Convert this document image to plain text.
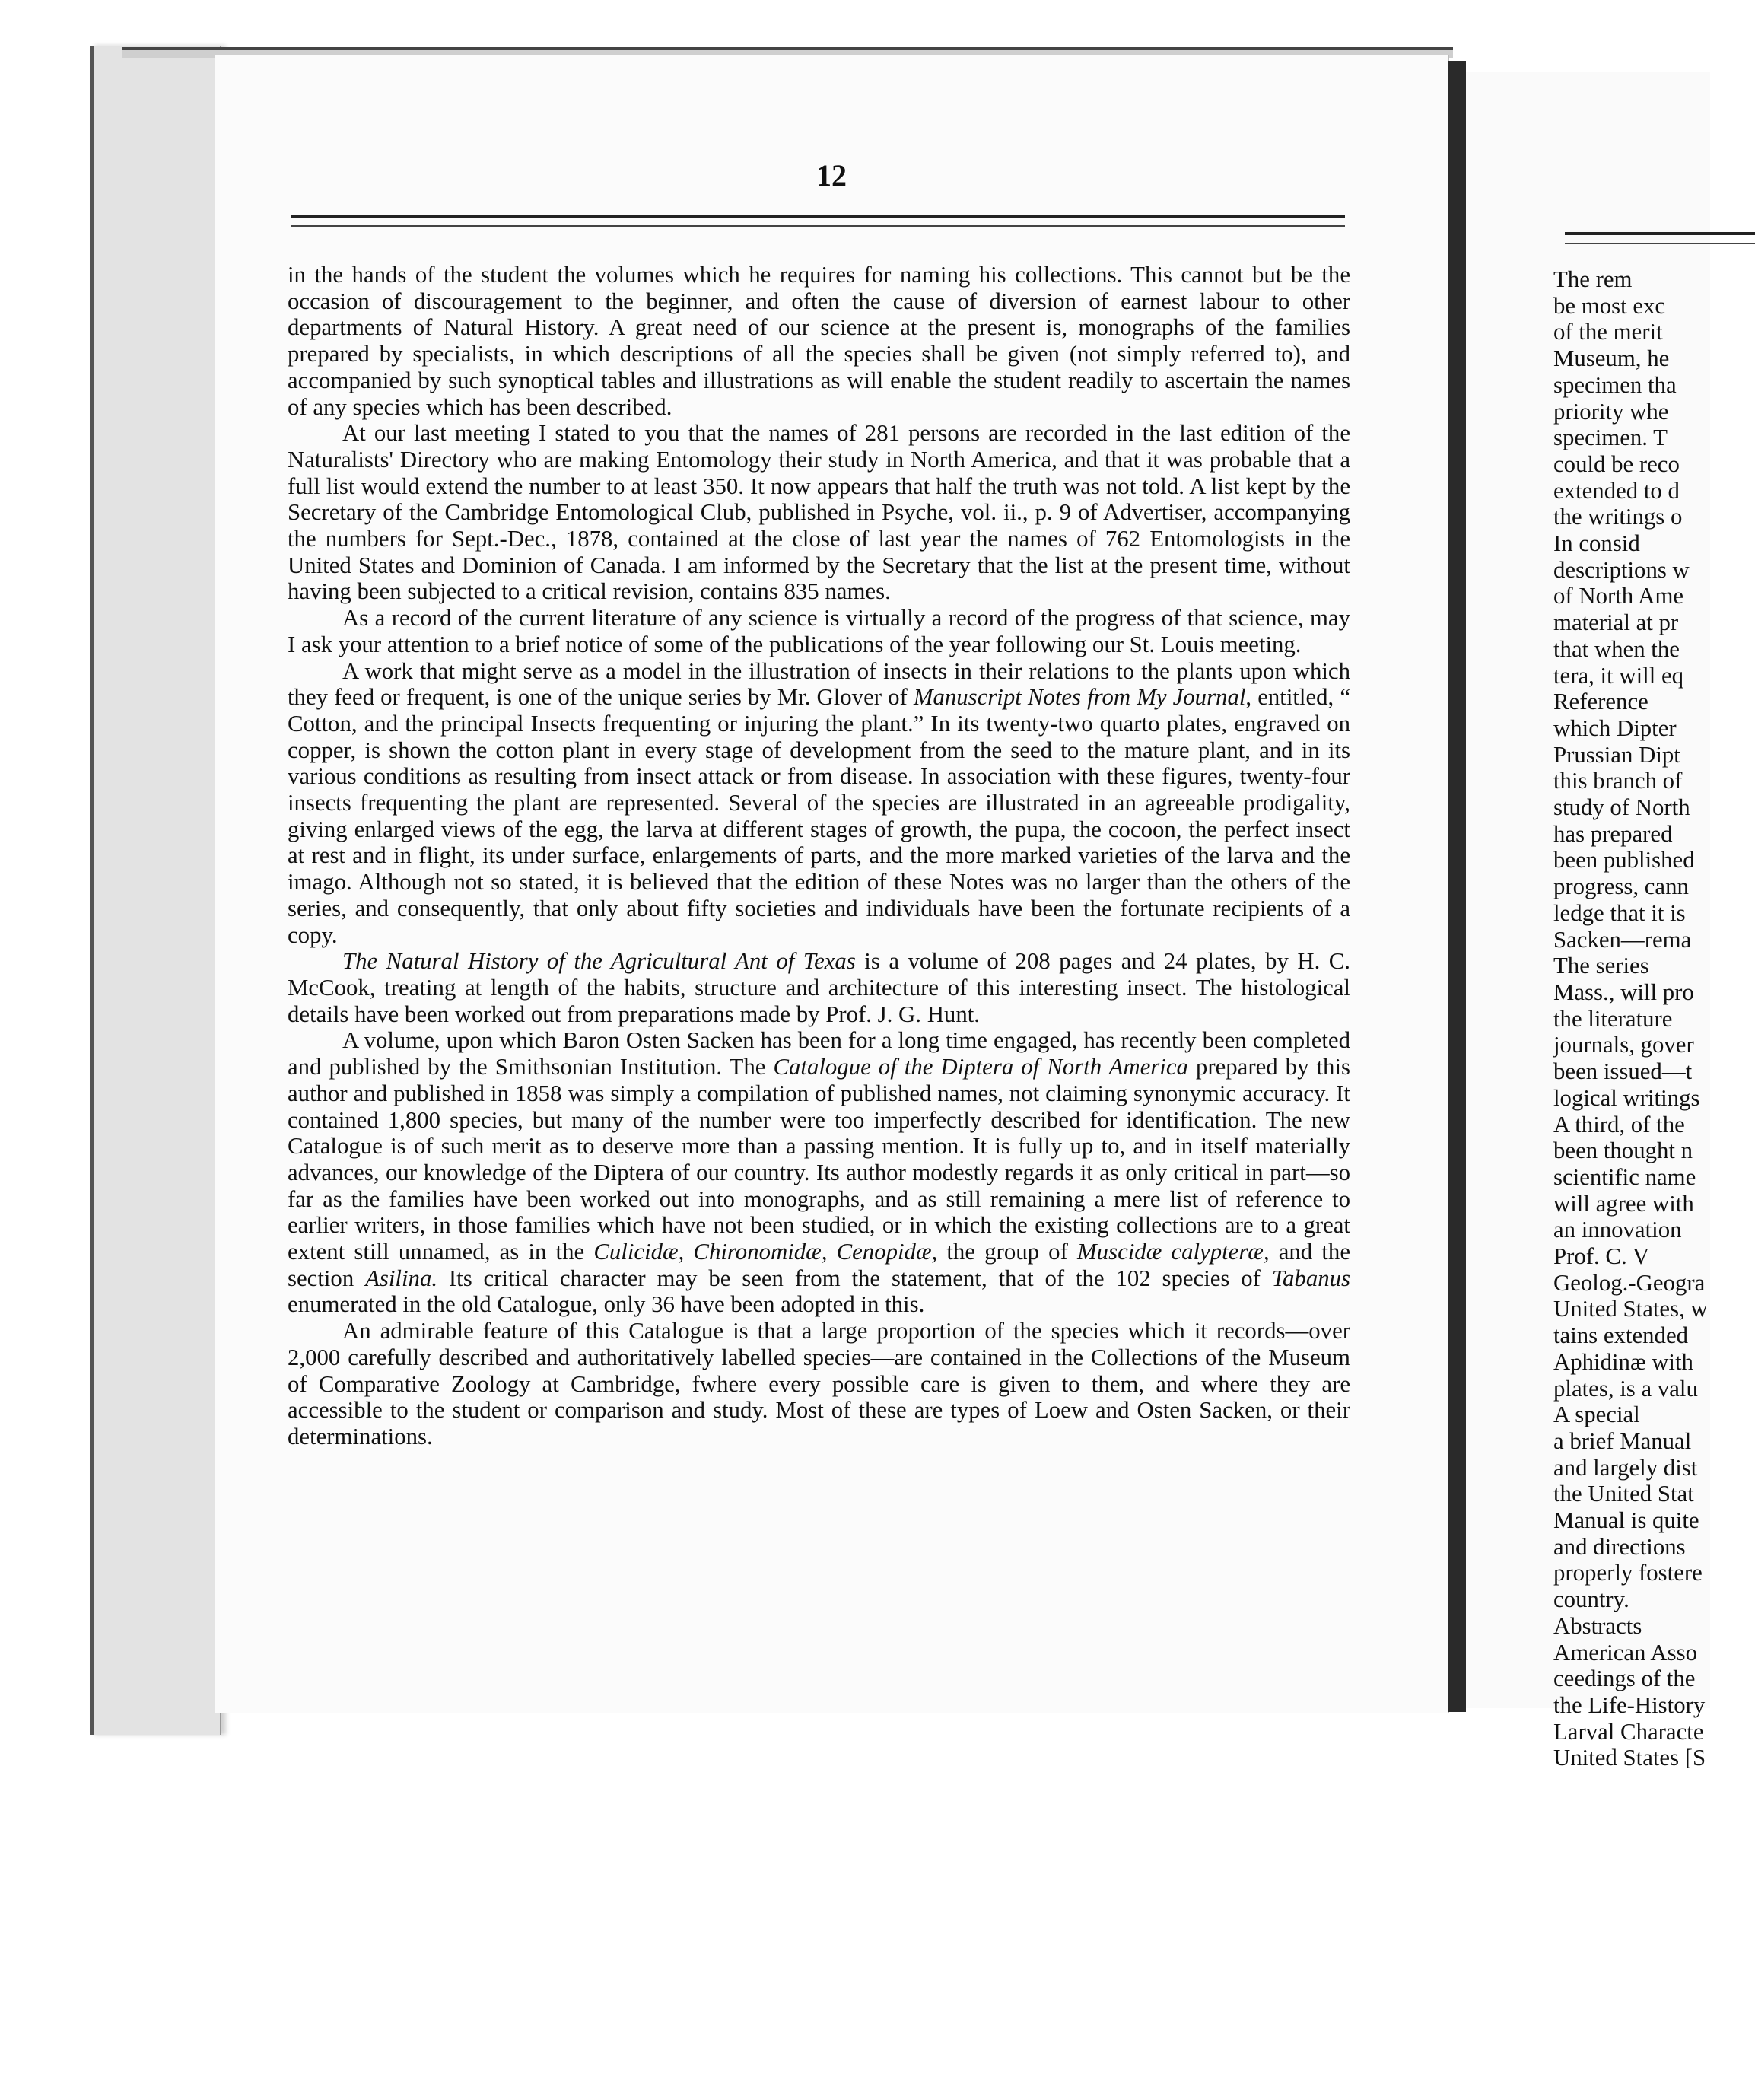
12

in the hands of the student the volumes which he requires for naming his collections. This cannot but be the occasion of discouragement to the beginner, and often the cause of diversion of earnest labour to other departments of Natural History. A great need of our science at the present is, monographs of the families prepared by specialists, in which descriptions of all the species shall be given (not simply referred to), and accompanied by such synoptical tables and illustrations as will enable the student readily to ascertain the names of any species which has been described.

At our last meeting I stated to you that the names of 281 persons are recorded in the last edition of the Naturalists' Directory who are making Entomology their study in North America, and that it was probable that a full list would extend the number to at least 350. It now appears that half the truth was not told. A list kept by the Secretary of the Cambridge Entomological Club, published in Psyche, vol. ii., p. 9 of Advertiser, accompanying the numbers for Sept.-Dec., 1878, contained at the close of last year the names of 762 Entomologists in the United States and Dominion of Canada. I am informed by the Secretary that the list at the present time, without having been subjected to a critical revision, contains 835 names.

As a record of the current literature of any science is virtually a record of the progress of that science, may I ask your attention to a brief notice of some of the publications of the year following our St. Louis meeting.

A work that might serve as a model in the illustration of insects in their relations to the plants upon which they feed or frequent, is one of the unique series by Mr. Glover of Manuscript Notes from My Journal, entitled, “ Cotton, and the principal Insects frequenting or injuring the plant.” In its twenty-two quarto plates, engraved on copper, is shown the cotton plant in every stage of development from the seed to the mature plant, and in its various conditions as resulting from insect attack or from disease. In association with these figures, twenty-four insects frequenting the plant are represented. Several of the species are illustrated in an agreeable prodigality, giving enlarged views of the egg, the larva at different stages of growth, the pupa, the cocoon, the perfect insect at rest and in flight, its under surface, enlargements of parts, and the more marked varieties of the larva and the imago. Although not so stated, it is believed that the edition of these Notes was no larger than the others of the series, and consequently, that only about fifty societies and individuals have been the fortunate recipients of a copy.

The Natural History of the Agricultural Ant of Texas is a volume of 208 pages and 24 plates, by H. C. McCook, treating at length of the habits, structure and architecture of this interesting insect. The histological details have been worked out from preparations made by Prof. J. G. Hunt.

A volume, upon which Baron Osten Sacken has been for a long time engaged, has recently been completed and published by the Smithsonian Institution. The Catalogue of the Diptera of North America prepared by this author and published in 1858 was simply a compilation of published names, not claiming synonymic accuracy. It contained 1,800 species, but many of the number were too imperfectly described for identification. The new Catalogue is of such merit as to deserve more than a passing mention. It is fully up to, and in itself materially advances, our knowledge of the Diptera of our country. Its author modestly regards it as only critical in part—so far as the families have been worked out into monographs, and as still remaining a mere list of reference to earlier writers, in those families which have not been studied, or in which the existing collections are to a great extent still unnamed, as in the Culicidæ, Chironomidæ, Cenopidæ, the group of Muscidæ calypteræ, and the section Asilina. Its critical character may be seen from the statement, that of the 102 species of Tabanus enumerated in the old Catalogue, only 36 have been adopted in this.

An admirable feature of this Catalogue is that a large proportion of the species which it records—over 2,000 carefully described and authoritatively labelled species—are contained in the Collections of the Museum of Comparative Zoology at Cambridge, fwhere every possible care is given to them, and where they are accessible to the student or comparison and study. Most of these are types of Loew and Osten Sacken, or their determinations.

The rem
be most exc
of the merit
Museum, he
specimen tha
priority whe
specimen. T
could be reco
extended to d
the writings o
In consid
descriptions w
of North Ame
material at pr
that when the
tera, it will eq
Reference
which Dipter
Prussian Dipt
this branch of
study of North
has prepared
been published
progress, cann
ledge that it is
Sacken—rema
The series
Mass., will pro
the literature
journals, gover
been issued—t
logical writings
A third, of the
been thought n
scientific name
will agree with
an innovation
Prof. C. V
Geolog.-Geogra
United States, w
tains extended
Aphidinæ with
plates, is a valu
A special
a brief Manual
and largely dist
the United Stat
Manual is quite
and directions
properly fostere
country.
Abstracts
American Asso
ceedings of the
the Life-History
Larval Characte
United States [S
